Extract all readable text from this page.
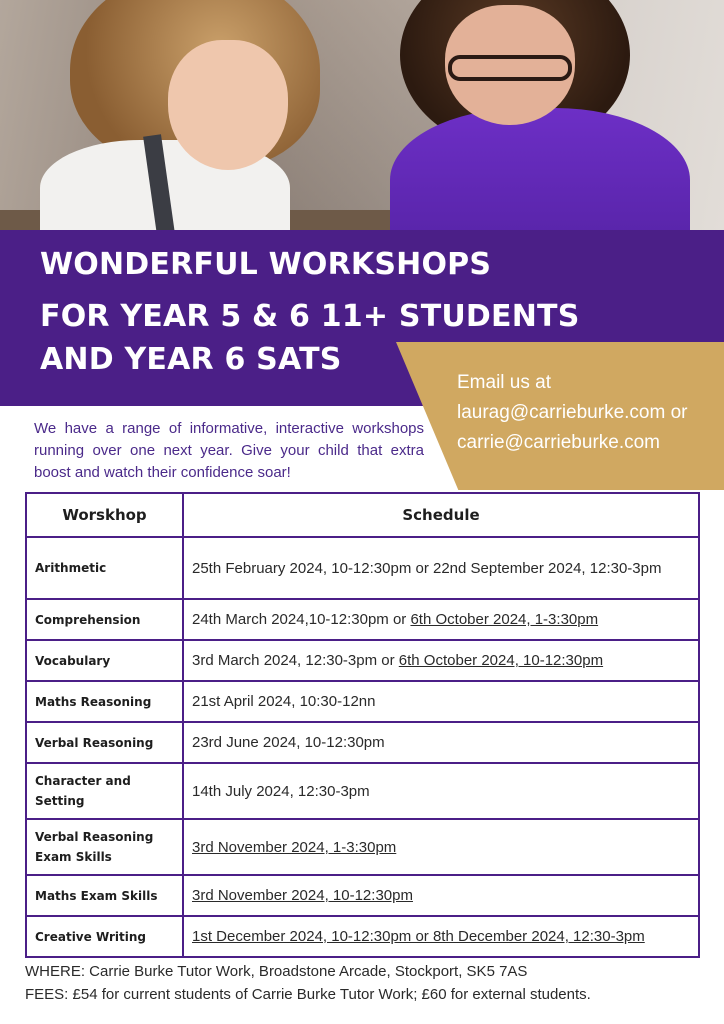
WONDERFUL WORKSHOPS
FOR YEAR 5 & 6 11+ STUDENTS
AND YEAR 6 SATS
Email us at
laurag@carrieburke.com or
carrie@carrieburke.com

We have a range of informative, interactive workshops running over one next year. Give your child that extra boost and watch their confidence soar!

Worskhop	Schedule
Arithmetic	25th February 2024, 10-12:30pm or 22nd September 2024, 12:30-3pm
Comprehension	24th March 2024,10-12:30pm or 6th October 2024, 1-3:30pm
Vocabulary	3rd March 2024, 12:30-3pm or 6th October 2024, 10-12:30pm
Maths Reasoning	21st April 2024, 10:30-12nn
Verbal Reasoning	23rd June 2024, 10-12:30pm
Character and Setting	14th July 2024, 12:30-3pm
Verbal Reasoning Exam Skills	3rd November 2024, 1-3:30pm
Maths Exam Skills	3rd November 2024, 10-12:30pm
Creative Writing	1st December 2024, 10-12:30pm or 8th December 2024, 12:30-3pm
WHERE: Carrie Burke Tutor Work, Broadstone Arcade, Stockport, SK5 7AS
FEES: £54 for current students of Carrie Burke Tutor Work; £60 for external students.
